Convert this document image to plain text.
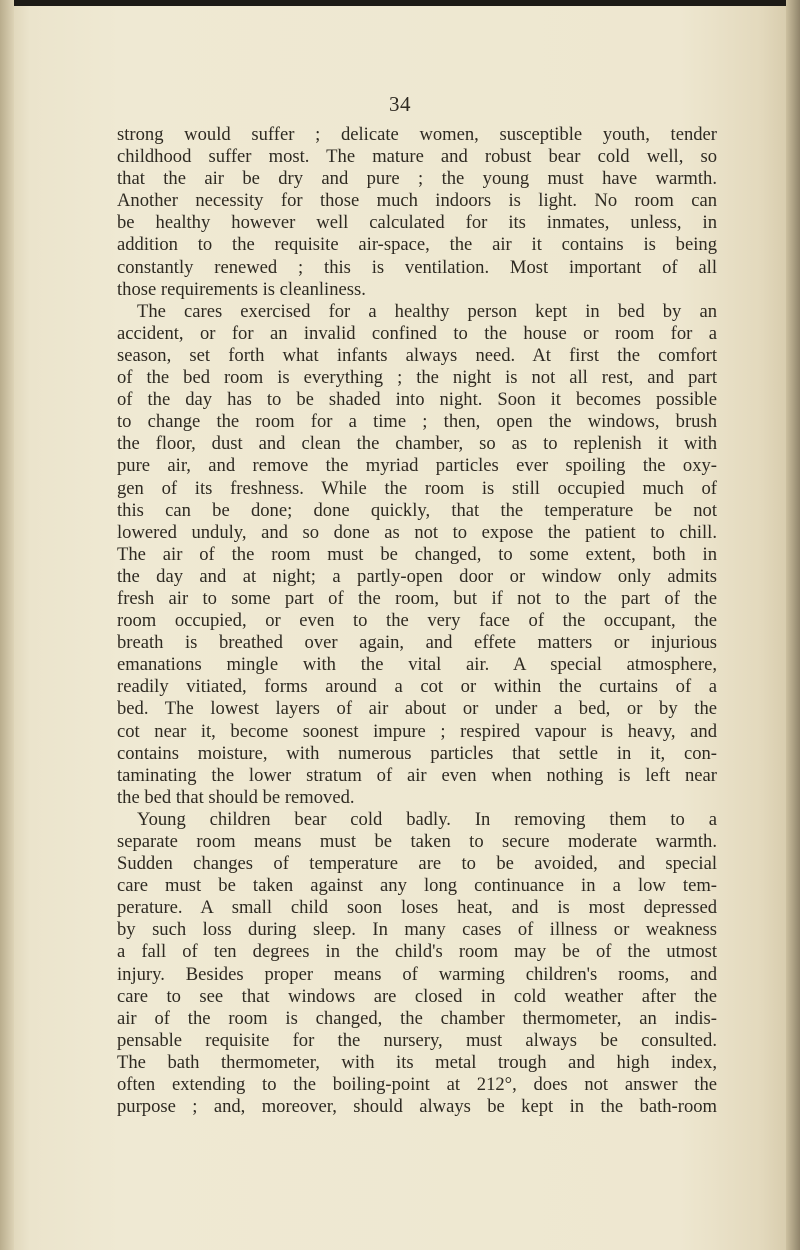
34
strong would suffer ; delicate women, susceptible youth, tender
childhood suffer most. The mature and robust bear cold well, so
that the air be dry and pure ; the young must have warmth.
Another necessity for those much indoors is light. No room can
be healthy however well calculated for its inmates, unless, in
addition to the requisite air-space, the air it contains is being
constantly renewed ; this is ventilation. Most important of all
those requirements is cleanliness.
The cares exercised for a healthy person kept in bed by an
accident, or for an invalid confined to the house or room for a
season, set forth what infants always need. At first the comfort
of the bed room is everything ; the night is not all rest, and part
of the day has to be shaded into night. Soon it becomes possible
to change the room for a time ; then, open the windows, brush
the floor, dust and clean the chamber, so as to replenish it with
pure air, and remove the myriad particles ever spoiling the oxy-
gen of its freshness. While the room is still occupied much of
this can be done; done quickly, that the temperature be not
lowered unduly, and so done as not to expose the patient to chill.
The air of the room must be changed, to some extent, both in
the day and at night; a partly-open door or window only admits
fresh air to some part of the room, but if not to the part of the
room occupied, or even to the very face of the occupant, the
breath is breathed over again, and effete matters or injurious
emanations mingle with the vital air. A special atmosphere,
readily vitiated, forms around a cot or within the curtains of a
bed. The lowest layers of air about or under a bed, or by the
cot near it, become soonest impure ; respired vapour is heavy, and
contains moisture, with numerous particles that settle in it, con-
taminating the lower stratum of air even when nothing is left near
the bed that should be removed.
Young children bear cold badly. In removing them to a
separate room means must be taken to secure moderate warmth.
Sudden changes of temperature are to be avoided, and special
care must be taken against any long continuance in a low tem-
perature. A small child soon loses heat, and is most depressed
by such loss during sleep. In many cases of illness or weakness
a fall of ten degrees in the child's room may be of the utmost
injury. Besides proper means of warming children's rooms, and
care to see that windows are closed in cold weather after the
air of the room is changed, the chamber thermometer, an indis-
pensable requisite for the nursery, must always be consulted.
The bath thermometer, with its metal trough and high index,
often extending to the boiling-point at 212°, does not answer the
purpose ; and, moreover, should always be kept in the bath-room
